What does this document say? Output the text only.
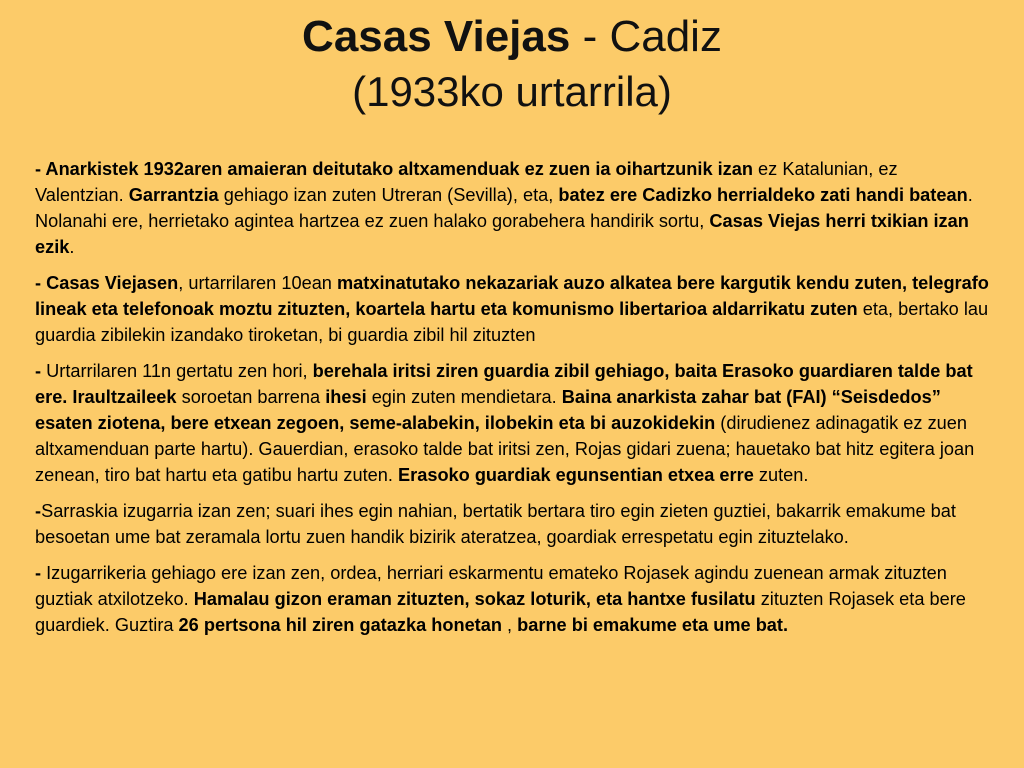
Casas Viejas - Cadiz
(1933ko urtarrila)

- Anarkistek 1932aren amaieran deitutako altxamenduak ez zuen ia oihartzunik izan ez Katalunian, ez Valentzian. Garrantzia gehiago izan zuten Utreran (Sevilla), eta, batez ere Cadizko herrialdeko zati handi batean. Nolanahi ere, herrietako agintea hartzea ez zuen halako gorabehera handirik sortu, Casas Viejas herri txikian izan ezik.

- Casas Viejasen, urtarrilaren 10ean matxinatutako nekazariak auzo alkatea bere kargutik kendu zuten, telegrafo lineak eta telefonoak moztu zituzten, koartela hartu eta komunismo libertarioa aldarrikatu zuten eta, bertako lau guardia zibilekin izandako tiroketan, bi guardia zibil hil zituzten

- Urtarrilaren 11n gertatu zen hori, berehala iritsi ziren guardia zibil gehiago, baita Erasoko guardiaren talde bat ere. Iraultzaileek soroetan barrena ihesi egin zuten mendietara. Baina anarkista zahar bat (FAI) “Seisdedos” esaten ziotena, bere etxean zegoen, seme-alabekin, ilobekin eta bi auzokidekin (dirudienez adinagatik ez zuen altxamenduan parte hartu). Gauerdian, erasoko talde bat iritsi zen, Rojas gidari zuena; hauetako bat hitz egitera joan zenean, tiro bat hartu eta gatibu hartu zuten. Erasoko guardiak egunsentian etxea erre zuten.

-Sarraskia izugarria izan zen; suari ihes egin nahian, bertatik bertara tiro egin zieten guztiei, bakarrik emakume bat besoetan ume bat zeramala lortu zuen handik bizirik ateratzea, goardiak errespetatu egin zituztelako.

- Izugarrikeria gehiago ere izan zen, ordea, herriari eskarmentu emateko Rojasek agindu zuenean armak zituzten guztiak atxilotzeko. Hamalau gizon eraman zituzten, sokaz loturik, eta hantxe fusilatu zituzten Rojasek eta bere guardiek. Guztira 26 pertsona hil ziren gatazka honetan , barne bi emakume eta ume bat.
